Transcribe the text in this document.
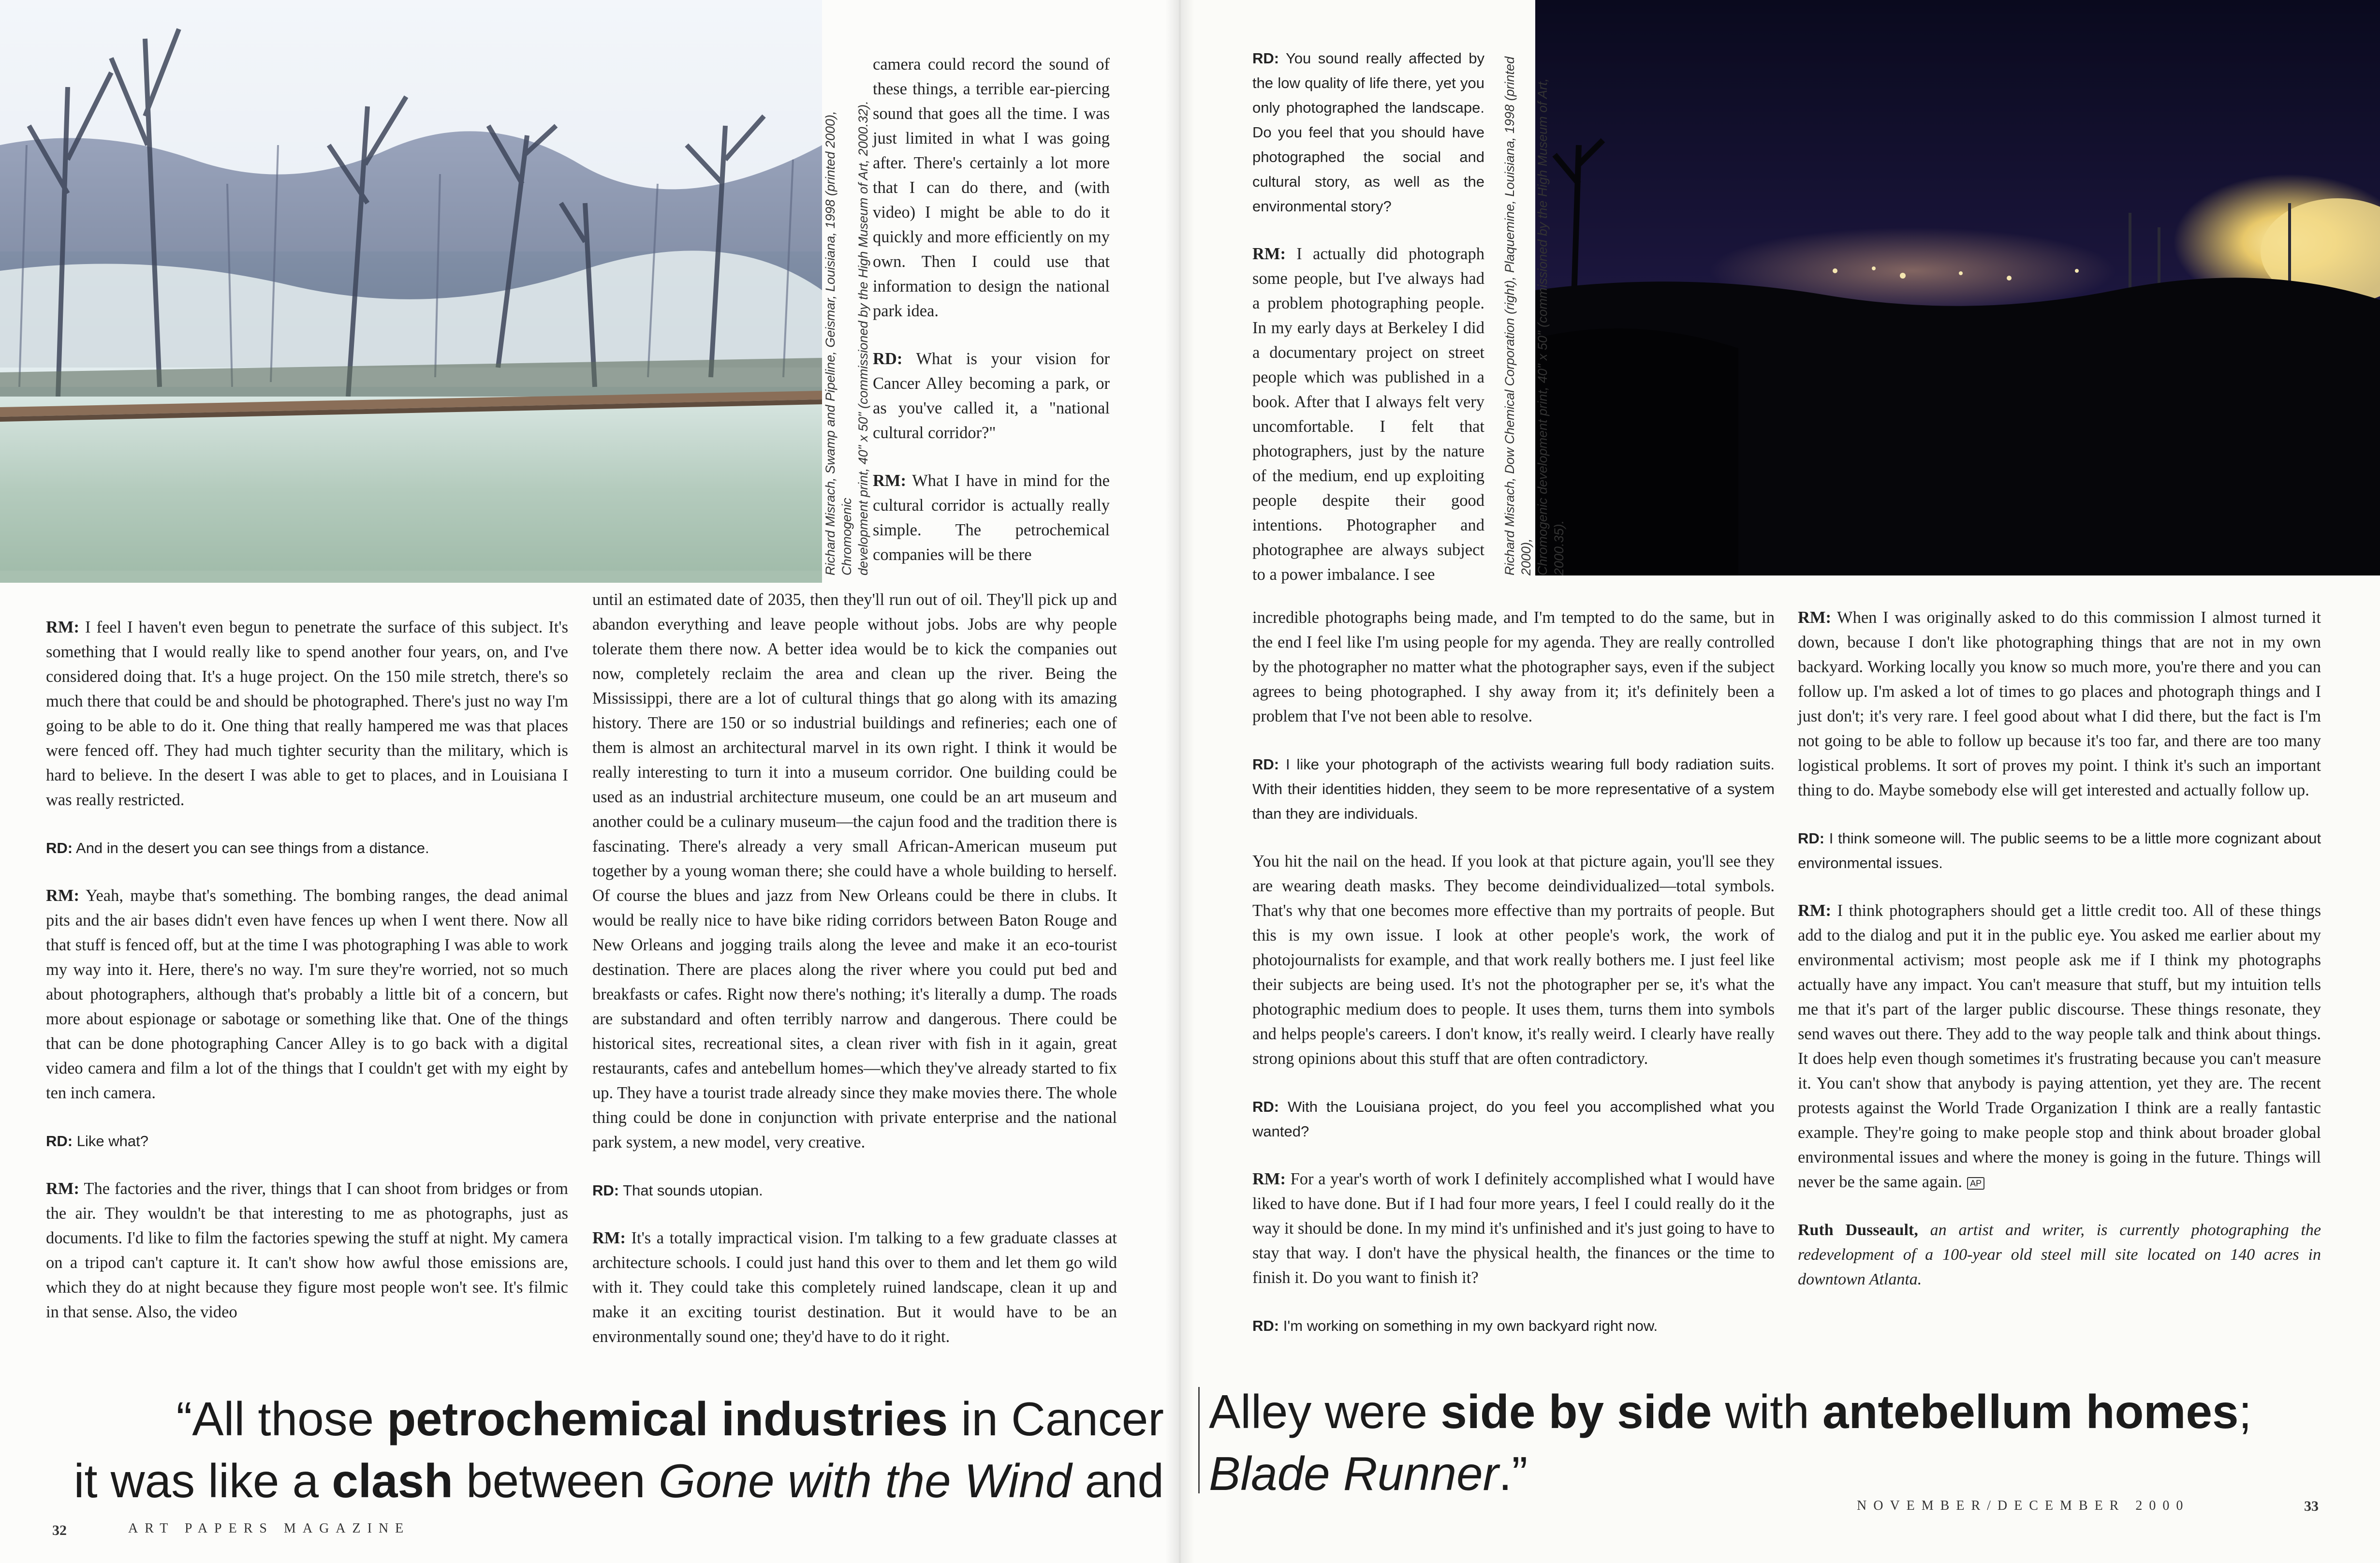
Richard Misrach, Swamp and Pipeline, Geismar, Louisiana, 1998 (printed 2000), Chromogenic
development print, 40" x 50" (commissioned by the High Museum of Art, 2000.32).

camera could record the sound of these things, a terrible ear-piercing sound that goes all the time. I was just limited in what I was going after. There's certainly a lot more that I can do there, and (with video) I might be able to do it quickly and more efficiently on my own. Then I could use that information to design the national park idea.

RD: What is your vision for Cancer Alley becoming a park, or as you've called it, a "national cultural corridor?"

RM: What I have in mind for the cultural corridor is actually really simple. The petrochemical companies will be there

RM: I feel I haven't even begun to penetrate the surface of this subject. It's something that I would really like to spend another four years, on, and I've considered doing that. It's a huge project. On the 150 mile stretch, there's so much there that could be and should be photographed. There's just no way I'm going to be able to do it. One thing that really hampered me was that places were fenced off. They had much tighter security than the military, which is hard to believe. In the desert I was able to get to places, and in Louisiana I was really restricted.

RD: And in the desert you can see things from a distance.

RM: Yeah, maybe that's something. The bombing ranges, the dead animal pits and the air bases didn't even have fences up when I went there. Now all that stuff is fenced off, but at the time I was photographing I was able to work my way into it. Here, there's no way. I'm sure they're worried, not so much about photographers, although that's probably a little bit of a concern, but more about espionage or sabotage or something like that. One of the things that can be done photographing Cancer Alley is to go back with a digital video camera and film a lot of the things that I couldn't get with my eight by ten inch camera.

RD: Like what?

RM: The factories and the river, things that I can shoot from bridges or from the air. They wouldn't be that interesting to me as photographs, just as documents. I'd like to film the factories spewing the stuff at night. My camera on a tripod can't capture it. It can't show how awful those emissions are, which they do at night because they figure most people won't see. It's filmic in that sense. Also, the video

until an estimated date of 2035, then they'll run out of oil. They'll pick up and abandon everything and leave people without jobs. Jobs are why people tolerate them there now. A better idea would be to kick the companies out now, completely reclaim the area and clean up the river. Being the Mississippi, there are a lot of cultural things that go along with its amazing history. There are 150 or so industrial buildings and refineries; each one of them is almost an architectural marvel in its own right. I think it would be really interesting to turn it into a museum corridor. One building could be used as an industrial architecture museum, one could be an art museum and another could be a culinary museum—the cajun food and the tradition there is fascinating. There's already a very small African-American museum put together by a young woman there; she could have a whole building to herself. Of course the blues and jazz from New Orleans could be there in clubs. It would be really nice to have bike riding corridors between Baton Rouge and New Orleans and jogging trails along the levee and make it an eco-tourist destination. There are places along the river where you could put bed and breakfasts or cafes. Right now there's nothing; it's literally a dump. The roads are substandard and often terribly narrow and dangerous. There could be historical sites, recreational sites, a clean river with fish in it again, great restaurants, cafes and antebellum homes—which they've already started to fix up. They have a tourist trade already since they make movies there. The whole thing could be done in conjunction with private enterprise and the national park system, a new model, very creative.

RD: That sounds utopian.

RM: It's a totally impractical vision. I'm talking to a few graduate classes at architecture schools. I could just hand this over to them and let them go wild with it. They could take this completely ruined landscape, clean it up and make it an exciting tourist destination. But it would have to be an environmentally sound one; they'd have to do it right.

Richard Misrach, Dow Chemical Corporation (right), Plaquemine, Louisiana, 1998 (printed 2000),
Chromogenic development print, 40" x 50" (commissioned by the High Museum of Art, 2000.35).

RD: You sound really affected by the low quality of life there, yet you only photographed the landscape. Do you feel that you should have photographed the social and cultural story, as well as the environmental story?

RM: I actually did photograph some people, but I've always had a problem photographing people. In my early days at Berkeley I did a documentary project on street people which was published in a book. After that I always felt very uncomfortable. I felt that photographers, just by the nature of the medium, end up exploiting people despite their good intentions. Photographer and photographee are always subject to a power imbalance. I see

incredible photographs being made, and I'm tempted to do the same, but in the end I feel like I'm using people for my agenda. They are really controlled by the photographer no matter what the photographer says, even if the subject agrees to being photographed. I shy away from it; it's definitely been a problem that I've not been able to resolve.

RD: I like your photograph of the activists wearing full body radiation suits. With their identities hidden, they seem to be more representative of a system than they are individuals.

You hit the nail on the head. If you look at that picture again, you'll see they are wearing death masks. They become deindividualized—total symbols. That's why that one becomes more effective than my portraits of people. But this is my own issue. I look at other people's work, the work of photojournalists for example, and that work really bothers me. I just feel like their subjects are being used. It's not the photographer per se, it's what the photographic medium does to people. It uses them, turns them into symbols and helps people's careers. I don't know, it's really weird. I clearly have really strong opinions about this stuff that are often contradictory.

RD: With the Louisiana project, do you feel you accomplished what you wanted?

RM: For a year's worth of work I definitely accomplished what I would have liked to have done. But if I had four more years, I feel I could really do it the way it should be done. In my mind it's unfinished and it's just going to have to stay that way. I don't have the physical health, the finances or the time to finish it. Do you want to finish it?

RD: I'm working on something in my own backyard right now.

RM: When I was originally asked to do this commission I almost turned it down, because I don't like photographing things that are not in my own backyard. Working locally you know so much more, you're there and you can follow up. I'm asked a lot of times to go places and photograph things and I just don't; it's very rare. I feel good about what I did there, but the fact is I'm not going to be able to follow up because it's too far, and there are too many logistical problems. It sort of proves my point. I think it's such an important thing to do. Maybe somebody else will get interested and actually follow up.

RD: I think someone will. The public seems to be a little more cognizant about environmental issues.

RM: I think photographers should get a little credit too. All of these things add to the dialog and put it in the public eye. You asked me earlier about my environmental activism; most people ask me if I think my photographs actually have any impact. You can't measure that stuff, but my intuition tells me that it's part of the larger public discourse. These things resonate, they send waves out there. They add to the way people talk and think about things. It does help even though sometimes it's frustrating because you can't measure it. You can't show that anybody is paying attention, yet they are. The recent protests against the World Trade Organization I think are a really fantastic example. They're going to make people stop and think about broader global environmental issues and where the money is going in the future. Things will never be the same again. AP

Ruth Dusseault, an artist and writer, is currently photographing the redevelopment of a 100-year old steel mill site located on 140 acres in downtown Atlanta.

“All those petrochemical industries in Cancer
it was like a clash between Gone with the Wind and
Alley were side by side with antebellum homes;
Blade Runner.”
32	ART PAPERS MAGAZINE
NOVEMBER/DECEMBER 2000	33
